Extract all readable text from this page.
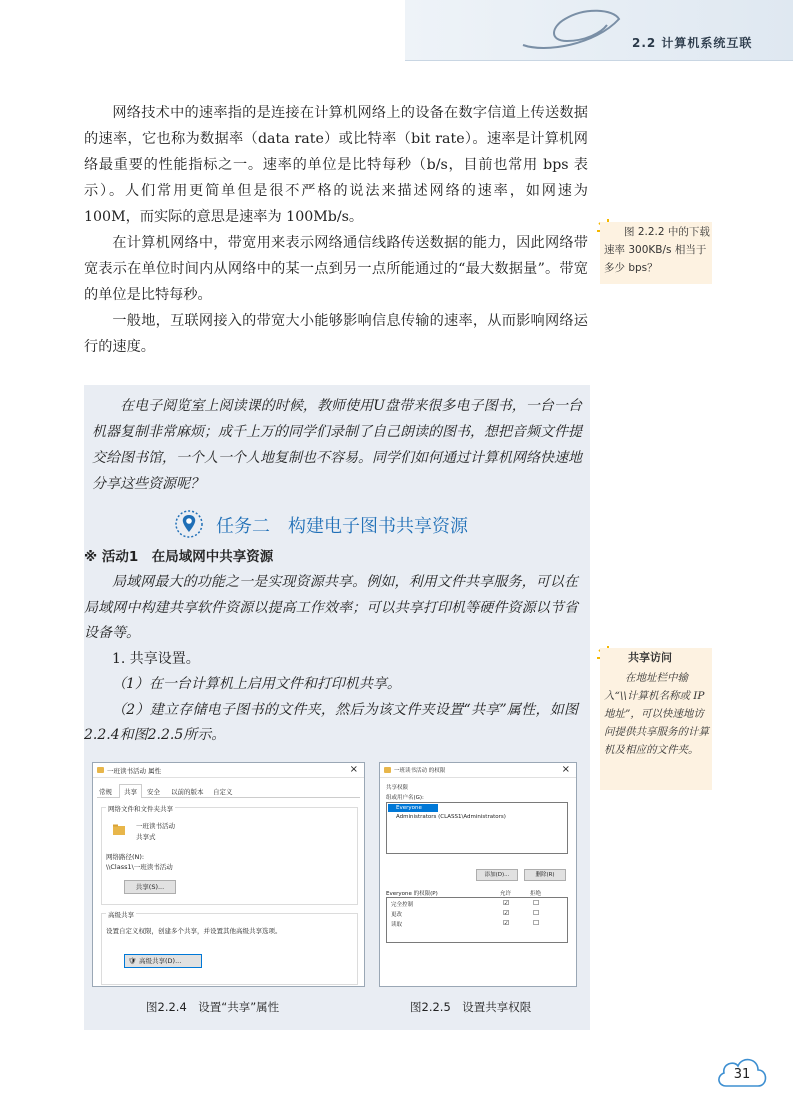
2.2 计算机系统互联

网络技术中的速率指的是连接在计算机网络上的设备在数字信道上传送数据的速率，它也称为数据率（data rate）或比特率（bit rate）。速率是计算机网络最重要的性能指标之一。速率的单位是比特每秒（b/s，目前也常用 bps 表示）。人们常用更简单但是很不严格的说法来描述网络的速率，如网速为 100M，而实际的意思是速率为 100Mb/s。

在计算机网络中，带宽用来表示网络通信线路传送数据的能力，因此网络带宽表示在单位时间内从网络中的某一点到另一点所能通过的“最大数据量”。带宽的单位是比特每秒。

一般地，互联网接入的带宽大小能够影响信息传输的速率，从而影响网络运行的速度。

图 2.2.2 中的下载速率 300KB/s 相当于多少 bps？

在电子阅览室上阅读课的时候，教师使用U盘带来很多电子图书，一台一台机器复制非常麻烦；成千上万的同学们录制了自己朗读的图书，想把音频文件提交给图书馆，一个人一个人地复制也不容易。同学们如何通过计算机网络快速地分享这些资源呢？

任务二　构建电子图书共享资源
※ 活动1　在局域网中共享资源

局域网最大的功能之一是实现资源共享。例如，利用文件共享服务，可以在局域网中构建共享软件资源以提高工作效率；可以共享打印机等硬件资源以节省设备等。

1. 共享设置。

（1）在一台计算机上启用文件和打印机共享。

（2）建立存储电子图书的文件夹，然后为该文件夹设置“共享”属性，如图2.2.4和图2.2.5所示。

一班读书活动 属性	×
常规	共享	安全 以前的版本 自定义
网络文件和文件夹共享
一班读书活动
共享式
网络路径(N):
\\Class1\一班读书活动
共享(S)...
高级共享
设置自定义权限，创建多个共享，并设置其他高级共享选项。
🛡 高级共享(D)...
一班读书活动 的权限	×
共享权限
组或用户名(G):
Everyone
Administrators (CLASS1\Administrators)
添加(D)...	删除(R)
Everyone 的权限(P)	允许	拒绝
完全控制	☑	☐
更改	☑	☐
读取	☑	☐
图2.2.4　设置“共享”属性	图2.2.5　设置共享权限
共享访问
在地址栏中输入“\\计算机名称或 IP 地址”，可以快速地访问提供共享服务的计算机及相应的文件夹。
31
